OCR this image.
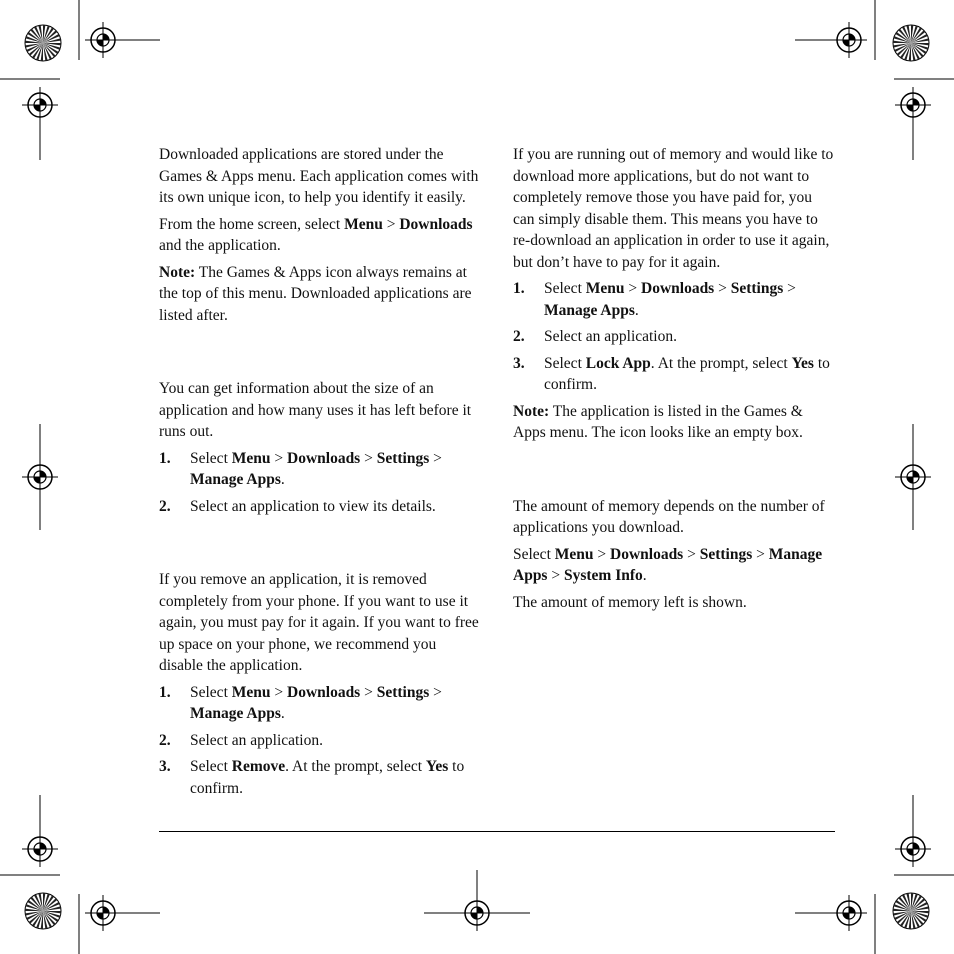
Downloaded applications are stored under the Games & Apps menu. Each application comes with its own unique icon, to help you identify it easily.

From the home screen, select Menu > Downloads and the application.

Note: The Games & Apps icon always remains at the top of this menu. Downloaded applications are listed after.

You can get information about the size of an application and how many uses it has left before it runs out.

1. Select Menu > Downloads > Settings > Manage Apps.
2. Select an application to view its details.

If you remove an application, it is removed completely from your phone. If you want to use it again, you must pay for it again. If you want to free up space on your phone, we recommend you disable the application.

1. Select Menu > Downloads > Settings > Manage Apps.
2. Select an application.
3. Select Remove. At the prompt, select Yes to confirm.

If you are running out of memory and would like to download more applications, but do not want to completely remove those you have paid for, you can simply disable them. This means you have to re-download an application in order to use it again, but don’t have to pay for it again.

1. Select Menu > Downloads > Settings > Manage Apps.
2. Select an application.
3. Select Lock App. At the prompt, select Yes to confirm.

Note: The application is listed in the Games & Apps menu. The icon looks like an empty box.

The amount of memory depends on the number of applications you download.

Select Menu > Downloads > Settings > Manage Apps > System Info.

The amount of memory left is shown.
